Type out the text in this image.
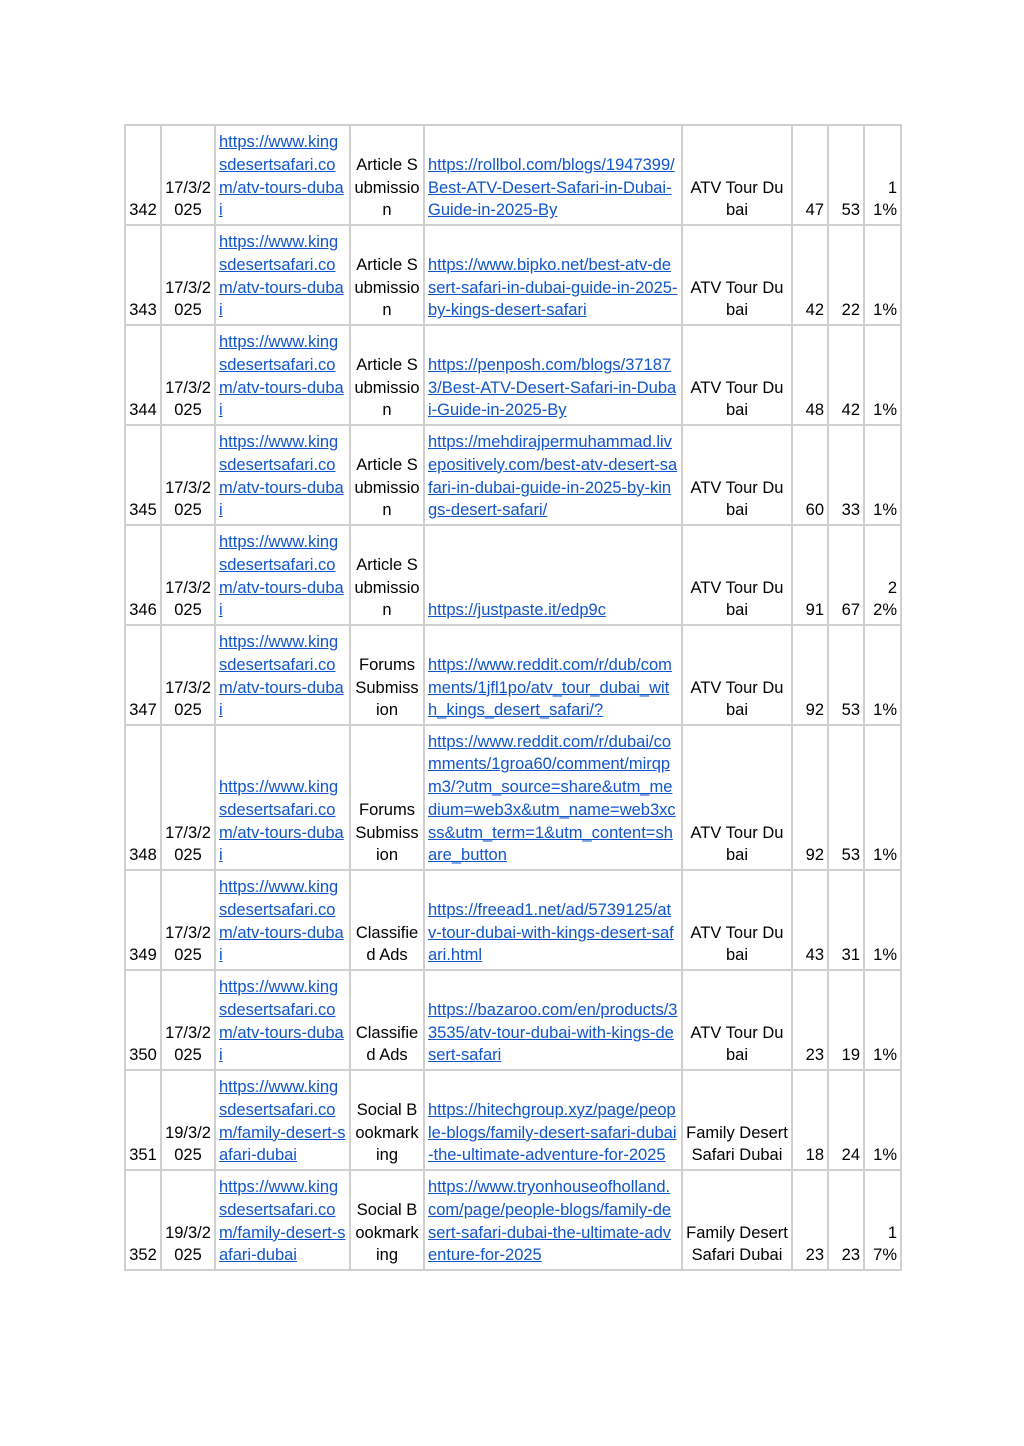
342	17/3/2025	https://www.kingsdesertsafari.com/atv-tours-dubai	Article Submission	https://rollbol.com/blogs/1947399/Best-ATV-Desert-Safari-in-Dubai-Guide-in-2025-By	ATV Tour Dubai	47	53	11%
343	17/3/2025	https://www.kingsdesertsafari.com/atv-tours-dubai	Article Submission	https://www.bipko.net/best-atv-desert-safari-in-dubai-guide-in-2025-by-kings-desert-safari	ATV Tour Dubai	42	22	1%
344	17/3/2025	https://www.kingsdesertsafari.com/atv-tours-dubai	Article Submission	https://penposh.com/blogs/371873/Best-ATV-Desert-Safari-in-Dubai-Guide-in-2025-By	ATV Tour Dubai	48	42	1%
345	17/3/2025	https://www.kingsdesertsafari.com/atv-tours-dubai	Article Submission	https://mehdirajpermuhammad.livepositively.com/best-atv-desert-safari-in-dubai-guide-in-2025-by-kings-desert-safari/	ATV Tour Dubai	60	33	1%
346	17/3/2025	https://www.kingsdesertsafari.com/atv-tours-dubai	Article Submission	https://justpaste.it/edp9c	ATV Tour Dubai	91	67	22%
347	17/3/2025	https://www.kingsdesertsafari.com/atv-tours-dubai	Forums Submission	https://www.reddit.com/r/dub/comments/1jfl1po/atv_tour_dubai_with_kings_desert_safari/?	ATV Tour Dubai	92	53	1%
348	17/3/2025	https://www.kingsdesertsafari.com/atv-tours-dubai	Forums Submission	https://www.reddit.com/r/dubai/comments/1groa60/comment/mirqpm3/?utm_source=share&utm_medium=web3x&utm_name=web3xcss&utm_term=1&utm_content=share_button	ATV Tour Dubai	92	53	1%
349	17/3/2025	https://www.kingsdesertsafari.com/atv-tours-dubai	Classified Ads	https://freead1.net/ad/5739125/atv-tour-dubai-with-kings-desert-safari.html	ATV Tour Dubai	43	31	1%
350	17/3/2025	https://www.kingsdesertsafari.com/atv-tours-dubai	Classified Ads	https://bazaroo.com/en/products/33535/atv-tour-dubai-with-kings-desert-safari	ATV Tour Dubai	23	19	1%
351	19/3/2025	https://www.kingsdesertsafari.com/family-desert-safari-dubai	Social Bookmarking	https://hitechgroup.xyz/page/people-blogs/family-desert-safari-dubai-the-ultimate-adventure-for-2025	Family Desert Safari Dubai	18	24	1%
352	19/3/2025	https://www.kingsdesertsafari.com/family-desert-safari-dubai	Social Bookmarking	https://www.tryonhouseofholland.com/page/people-blogs/family-desert-safari-dubai-the-ultimate-adventure-for-2025	Family Desert Safari Dubai	23	23	17%
